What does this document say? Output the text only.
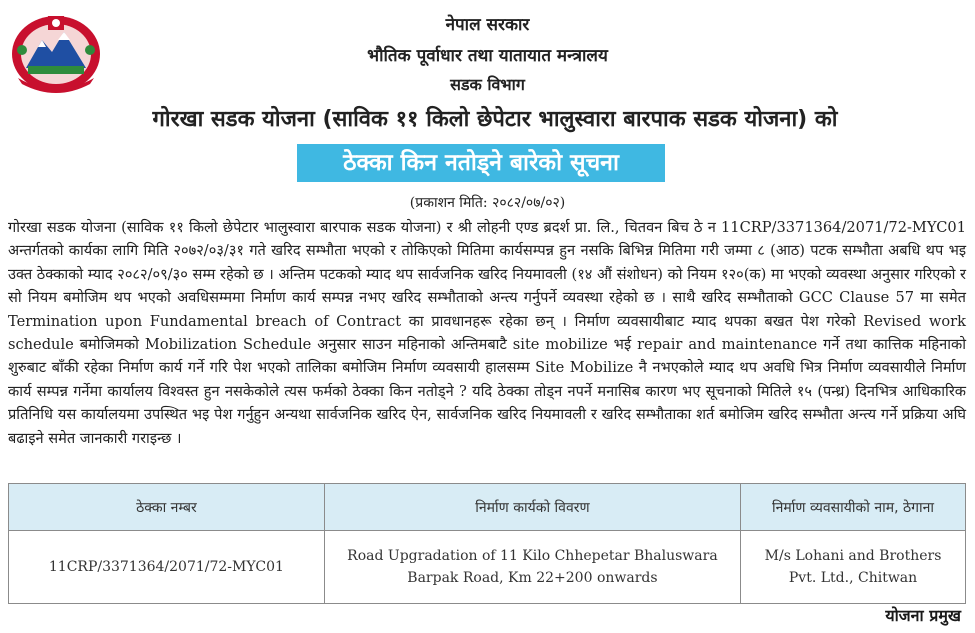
नेपाल सरकार
भौतिक पूर्वाधार तथा यातायात मन्त्रालय
सडक विभाग
गोरखा सडक योजना (साविक ११ किलो छेपेटार भालुस्वारा बारपाक सडक योजना) को
ठेक्का किन नतोड्ने बारेको सूचना
(प्रकाशन मिति: २०८२/०७/०२)
गोरखा सडक योजना (साविक ११ किलो छेपेटार भालुस्वारा बारपाक सडक योजना) र श्री लोहनी एण्ड ब्रदर्श प्रा. लि., चितवन बिच ठे न 11CRP/3371364/2071/72-MYC01 अन्तर्गतको कार्यका लागि मिति २०७२/०३/३१ गते खरिद सम्भौता भएको र तोकिएको मितिमा कार्यसम्पन्न हुन नसकि बिभिन्न मितिमा गरी जम्मा ८ (आठ) पटक सम्भौता अबधि थप भइ उक्त ठेक्काको म्याद २०८२/०९/३० सम्म रहेको छ । अन्तिम पटकको म्याद थप सार्वजनिक खरिद नियमावली (१४ औं संशोधन) को नियम १२०(क) मा भएको व्यवस्था अनुसार गरिएको र सो नियम बमोजिम थप भएको अवधिसम्ममा निर्माण कार्य सम्पन्न नभए खरिद सम्भौताको अन्त्य गर्नुपर्ने व्यवस्था रहेको छ । साथै खरिद सम्भौताको GCC Clause 57 मा समेत Termination upon Fundamental breach of Contract का प्रावधानहरू रहेका छन् । निर्माण व्यवसायीबाट म्याद थपका बखत पेश गरेको Revised work schedule बमोजिमको Mobilization Schedule अनुसार साउन महिनाको अन्तिमबाटै site mobilize भई repair and maintenance गर्ने तथा कात्तिक महिनाको शुरुबाट बाँकी रहेका निर्माण कार्य गर्ने गरि पेश भएको तालिका बमोजिम निर्माण व्यवसायी हालसम्म Site Mobilize नै नभएकोले म्याद थप अवधि भित्र निर्माण व्यवसायीले निर्माण कार्य सम्पन्न गर्नेमा कार्यालय विश्वस्त हुन नसकेकोले त्यस फर्मको ठेक्का किन नतोड्ने ? यदि ठेक्का तोड्न नपर्ने मनासिब कारण भए सूचनाको मितिले १५ (पन्ध्र) दिनभित्र आधिकारिक प्रतिनिधि यस कार्यालयमा उपस्थित भइ पेश गर्नुहुन अन्यथा सार्वजनिक खरिद ऐन, सार्वजनिक खरिद नियमावली र खरिद सम्भौताका शर्त बमोजिम खरिद सम्भौता अन्त्य गर्ने प्रक्रिया अघि बढाइने समेत जानकारी गराइन्छ ।
ठेक्का नम्बर	निर्माण कार्यको विवरण	निर्माण व्यवसायीको नाम, ठेगाना
11CRP/3371364/2071/72-MYC01	Road Upgradation of 11 Kilo Chhepetar Bhaluswara Barpak Road, Km 22+200 onwards	M/s Lohani and Brothers Pvt. Ltd., Chitwan
योजना प्रमुख
